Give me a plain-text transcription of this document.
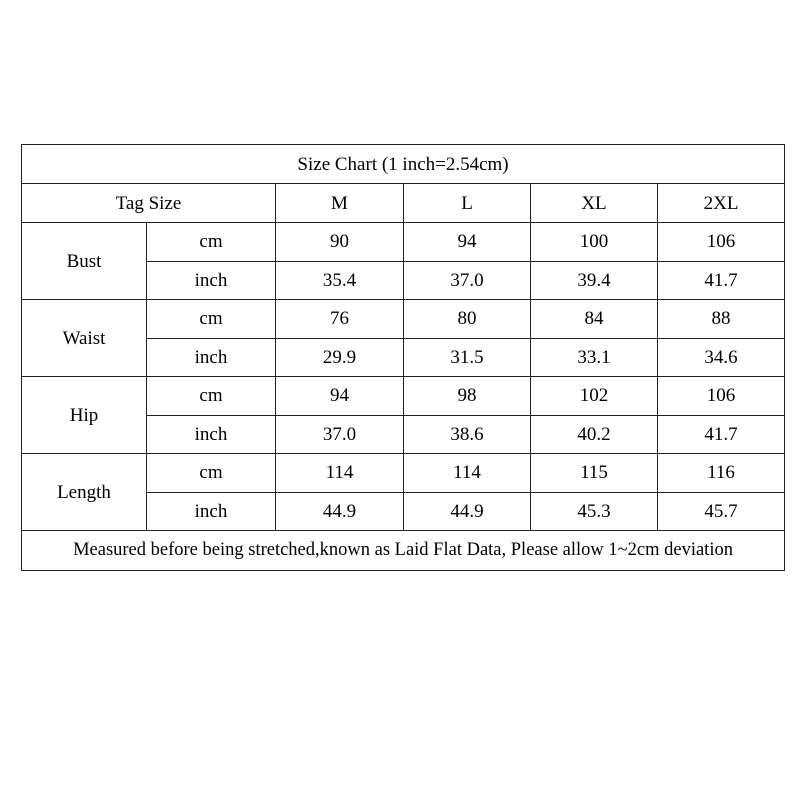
Size Chart (1 inch=2.54cm)					
Tag Size		M	L	XL	2XL
Bust	cm	90	94	100	106
	inch	35.4	37.0	39.4	41.7
Waist	cm	76	80	84	88
	inch	29.9	31.5	33.1	34.6
Hip	cm	94	98	102	106
	inch	37.0	38.6	40.2	41.7
Length	cm	114	114	115	116
	inch	44.9	44.9	45.3	45.7
Measured before being stretched,known as Laid Flat Data, Please allow 1~2cm deviation					
